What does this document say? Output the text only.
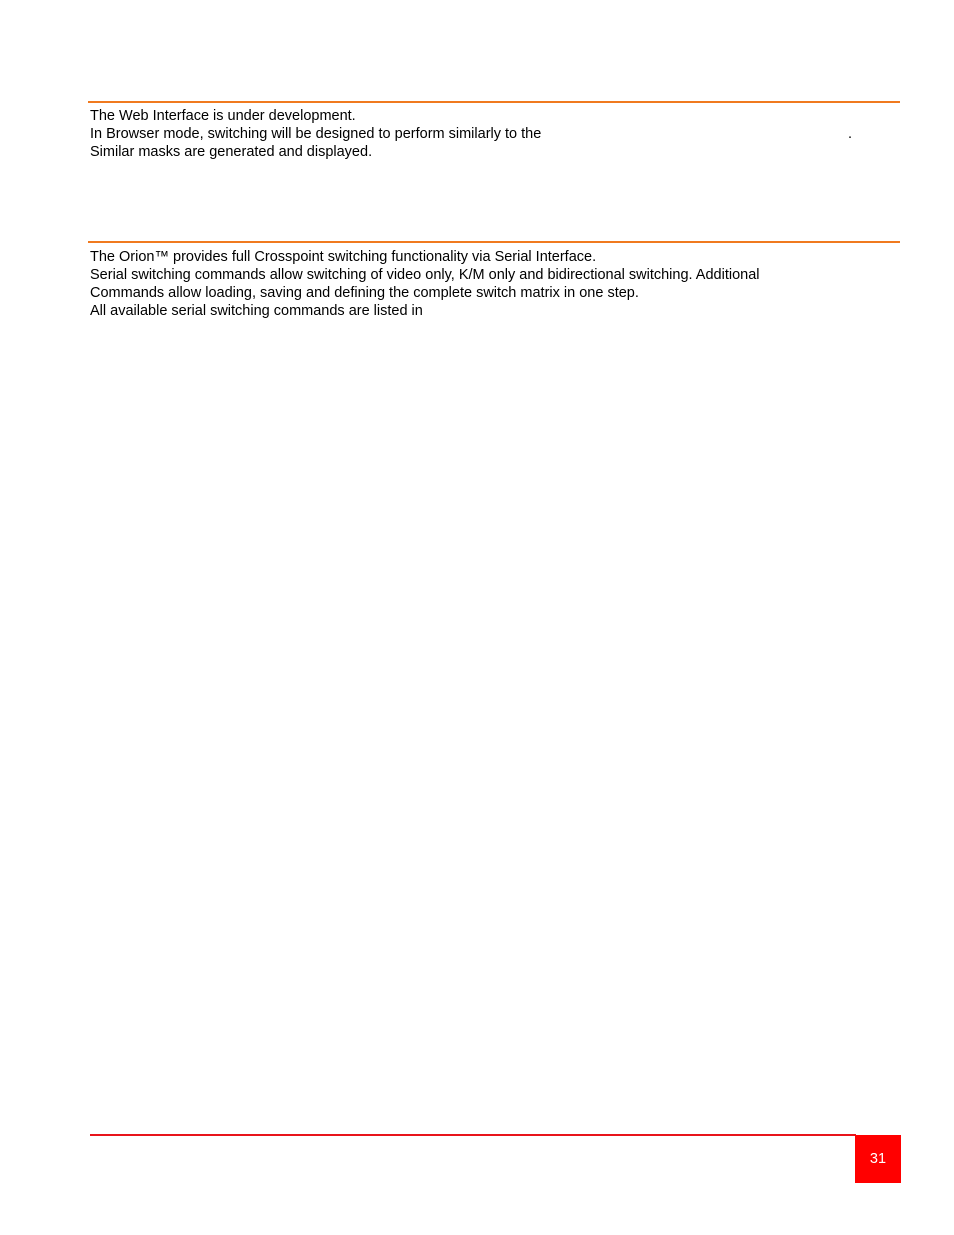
The Web Interface is under development.
In Browser mode, switching will be designed to perform similarly to the	.
Similar masks are generated and displayed.
The Orion™ provides full Crosspoint switching functionality via Serial Interface.
Serial switching commands allow switching of video only, K/M only and bidirectional switching. Additional
Commands allow loading, saving and defining the complete switch matrix in one step.
All available serial switching commands are listed in
31
